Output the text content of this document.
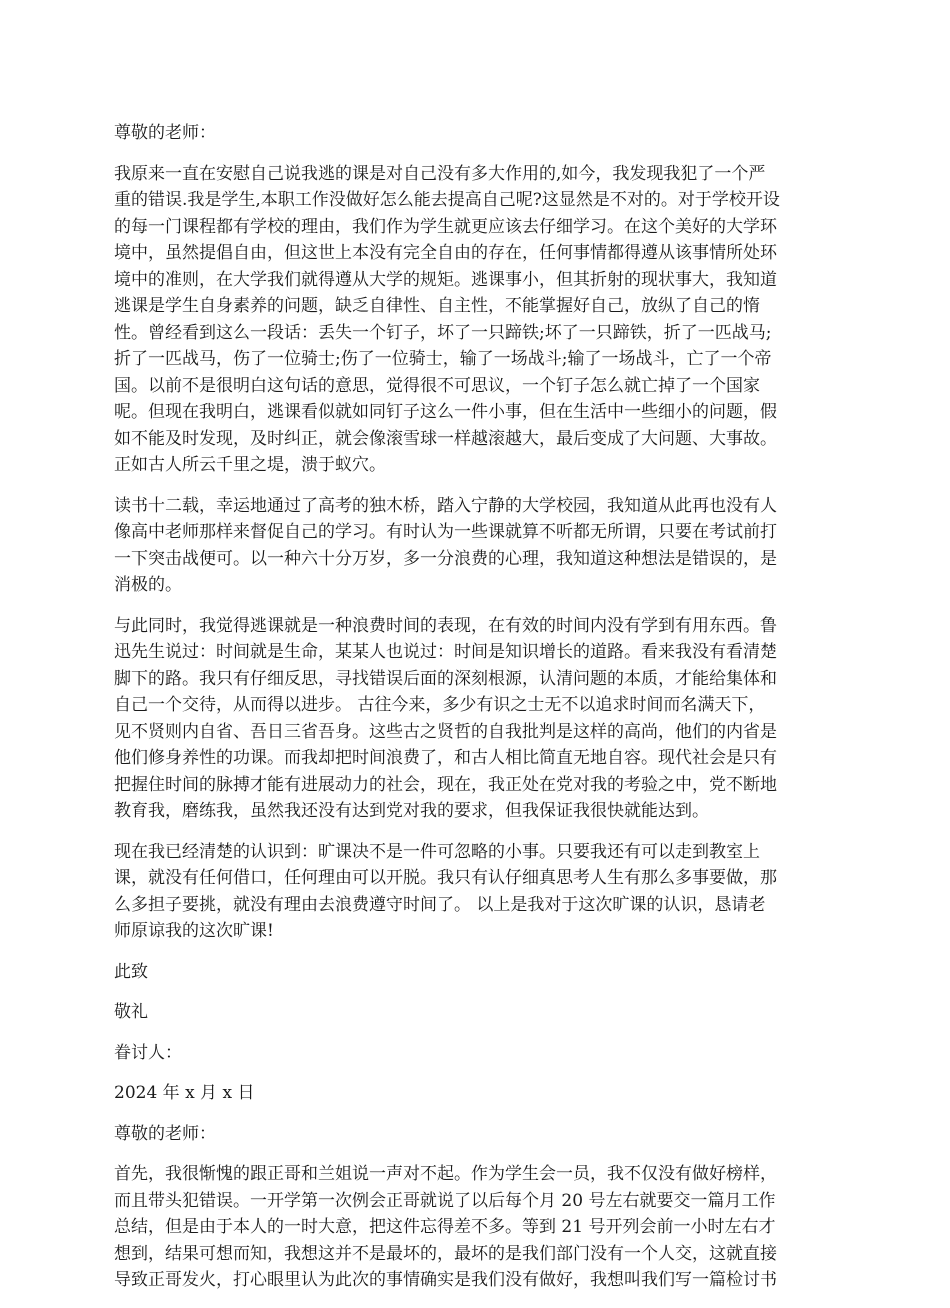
尊敬的老师：

我原来一直在安慰自己说我逃的课是对自己没有多大作用的,如今，我发现我犯了一个严
重的错误.我是学生,本职工作没做好怎么能去提高自己呢?这显然是不对的。对于学校开设
的每一门课程都有学校的理由，我们作为学生就更应该去仔细学习。在这个美好的大学环
境中，虽然提倡自由，但这世上本没有完全自由的存在，任何事情都得遵从该事情所处环
境中的准则，在大学我们就得遵从大学的规矩。逃课事小，但其折射的现状事大，我知道
逃课是学生自身素养的问题，缺乏自律性、自主性，不能掌握好自己，放纵了自己的惰
性。曾经看到这么一段话：丢失一个钉子，坏了一只蹄铁;坏了一只蹄铁，折了一匹战马;
折了一匹战马，伤了一位骑士;伤了一位骑士，输了一场战斗;输了一场战斗，亡了一个帝
国。以前不是很明白这句话的意思，觉得很不可思议，一个钉子怎么就亡掉了一个国家
呢。但现在我明白，逃课看似就如同钉子这么一件小事，但在生活中一些细小的问题，假
如不能及时发现，及时纠正，就会像滚雪球一样越滚越大，最后变成了大问题、大事故。
正如古人所云千里之堤，溃于蚁穴。
读书十二载，幸运地通过了高考的独木桥，踏入宁静的大学校园，我知道从此再也没有人
像高中老师那样来督促自己的学习。有时认为一些课就算不听都无所谓，只要在考试前打
一下突击战便可。以一种六十分万岁，多一分浪费的心理，我知道这种想法是错误的，是
消极的。
与此同时，我觉得逃课就是一种浪费时间的表现，在有效的时间内没有学到有用东西。鲁
迅先生说过：时间就是生命，某某人也说过：时间是知识增长的道路。看来我没有看清楚
脚下的路。我只有仔细反思，寻找错误后面的深刻根源，认清问题的本质，才能给集体和
自己一个交待，从而得以进步。 古往今来，多少有识之士无不以追求时间而名满天下，
见不贤则内自省、吾日三省吾身。这些古之贤哲的自我批判是这样的高尚，他们的内省是
他们修身养性的功课。而我却把时间浪费了，和古人相比简直无地自容。现代社会是只有
把握住时间的脉搏才能有进展动力的社会，现在，我正处在党对我的考验之中，党不断地
教育我，磨练我，虽然我还没有达到党对我的要求，但我保证我很快就能达到。
现在我已经清楚的认识到：旷课决不是一件可忽略的小事。只要我还有可以走到教室上
课，就没有任何借口，任何理由可以开脱。我只有认仔细真思考人生有那么多事要做，那
么多担子要挑，就没有理由去浪费遵守时间了。 以上是我对于这次旷课的认识，恳请老
师原谅我的这次旷课!

此致

敬礼

眷讨人：

2024 年 x 月 x 日

尊敬的老师：

首先，我很惭愧的跟正哥和兰姐说一声对不起。作为学生会一员，我不仅没有做好榜样，
而且带头犯错误。一开学第一次例会正哥就说了以后每个月 20 号左右就要交一篇月工作
总结，但是由于本人的一时大意，把这件忘得差不多。等到 21 号开列会前一小时左右才
想到，结果可想而知，我想这并不是最坏的，最坏的是我们部门没有一个人交，这就直接
导致正哥发火，打心眼里认为此次的事情确实是我们没有做好，我想叫我们写一篇检讨书
